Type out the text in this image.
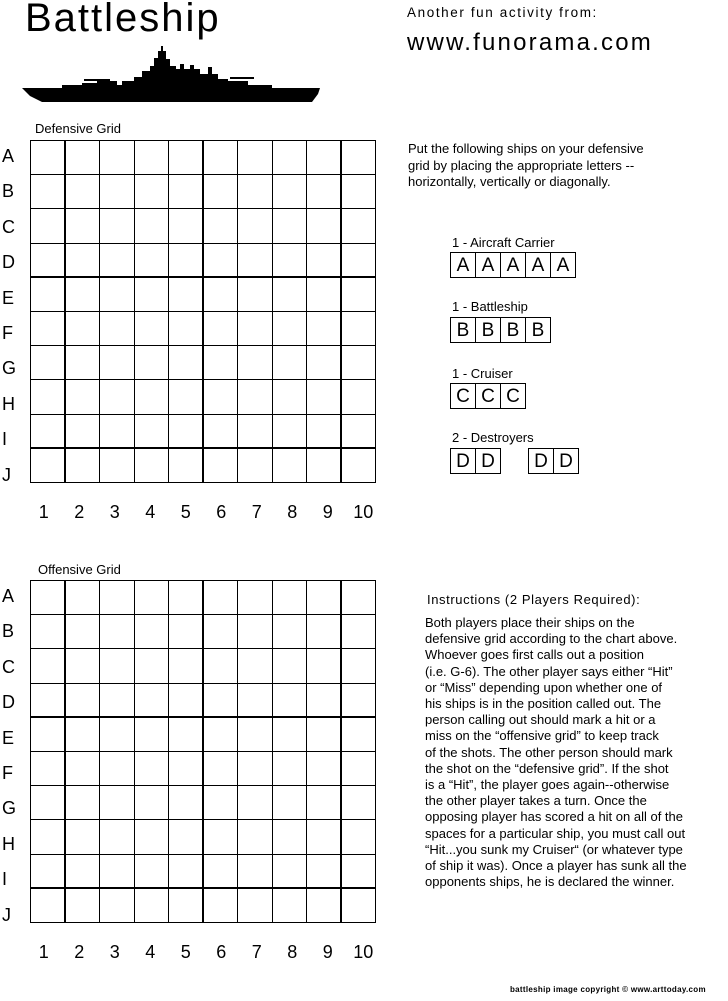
Battleship	Another fun activity from:
www.funorama.com
Defensive Grid
A
B
C
D
E
F
G
H
I
J

1	2	3	4	5	6	7	8	9	10
Put the following ships on your defensive
grid by placing the appropriate letters --
horizontally, vertically or diagonally.
1 - Aircraft Carrier
A A A A A
1 - Battleship
B B B B
1 - Cruiser
C C C
2 - Destroyers
D D	D D
Offensive Grid
A
B
C
D
E
F
G
H
I
J

1	2	3	4	5	6	7	8	9	10
Instructions (2 Players Required):
Both players place their ships on the
defensive grid according to the chart above.
Whoever goes first calls out a position
(i.e. G-6). The other player says either “Hit”
or “Miss” depending upon whether one of
his ships is in the position called out. The
person calling out should mark a hit or a
miss on the “offensive grid” to keep track
of the shots. The other person should mark
the shot on the “defensive grid”. If the shot
is a “Hit”, the player goes again--otherwise
the other player takes a turn. Once the
opposing player has scored a hit on all of the
spaces for a particular ship, you must call out
“Hit...you sunk my Cruiser“ (or whatever type
of ship it was). Once a player has sunk all the
opponents ships, he is declared the winner.
battleship image copyright © www.arttoday.com
